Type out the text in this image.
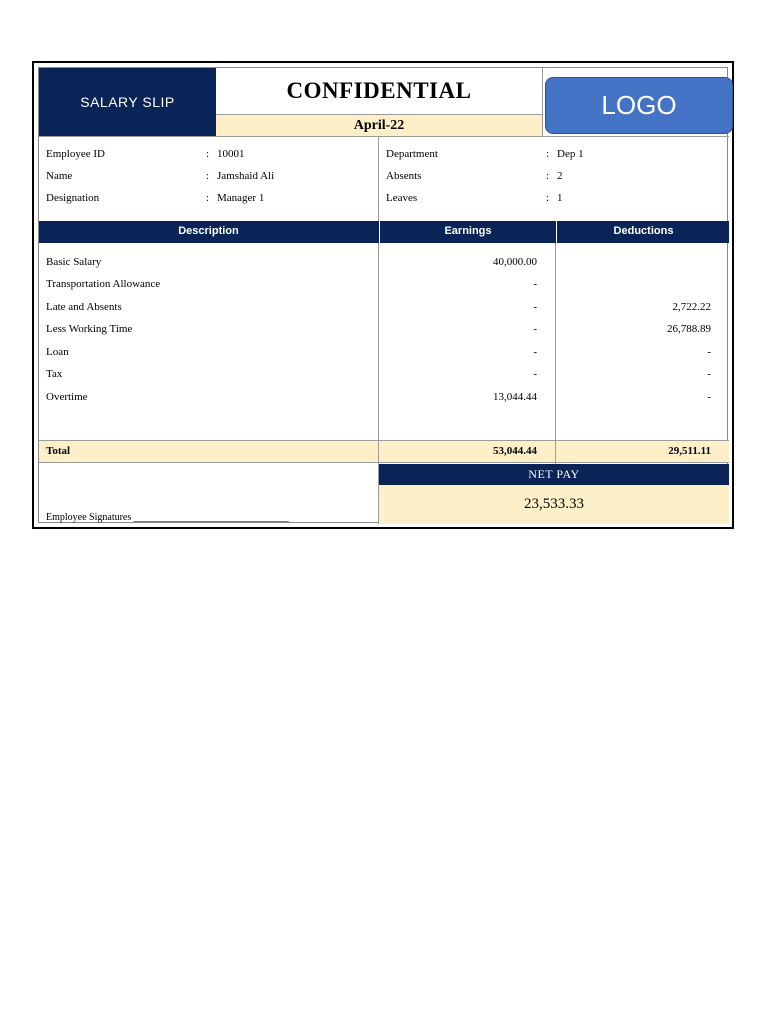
SALARY SLIP	CONFIDENTIAL
April-22
LOGO
Employee ID	: 10001
Name	: Jamshaid Ali
Designation	: Manager 1
Department	: Dep 1
Absents	: 2
Leaves	: 1
Description	Earnings	Deductions
Basic Salary	40,000.00
Transportation Allowance	-
Late and Absents	-	2,722.22
Less Working Time	-	26,788.89
Loan	-	-
Tax	-	-
Overtime	13,044.44	-
Total	53,044.44	29,511.11
NET PAY
23,533.33
Employee Signatures _______________________________
